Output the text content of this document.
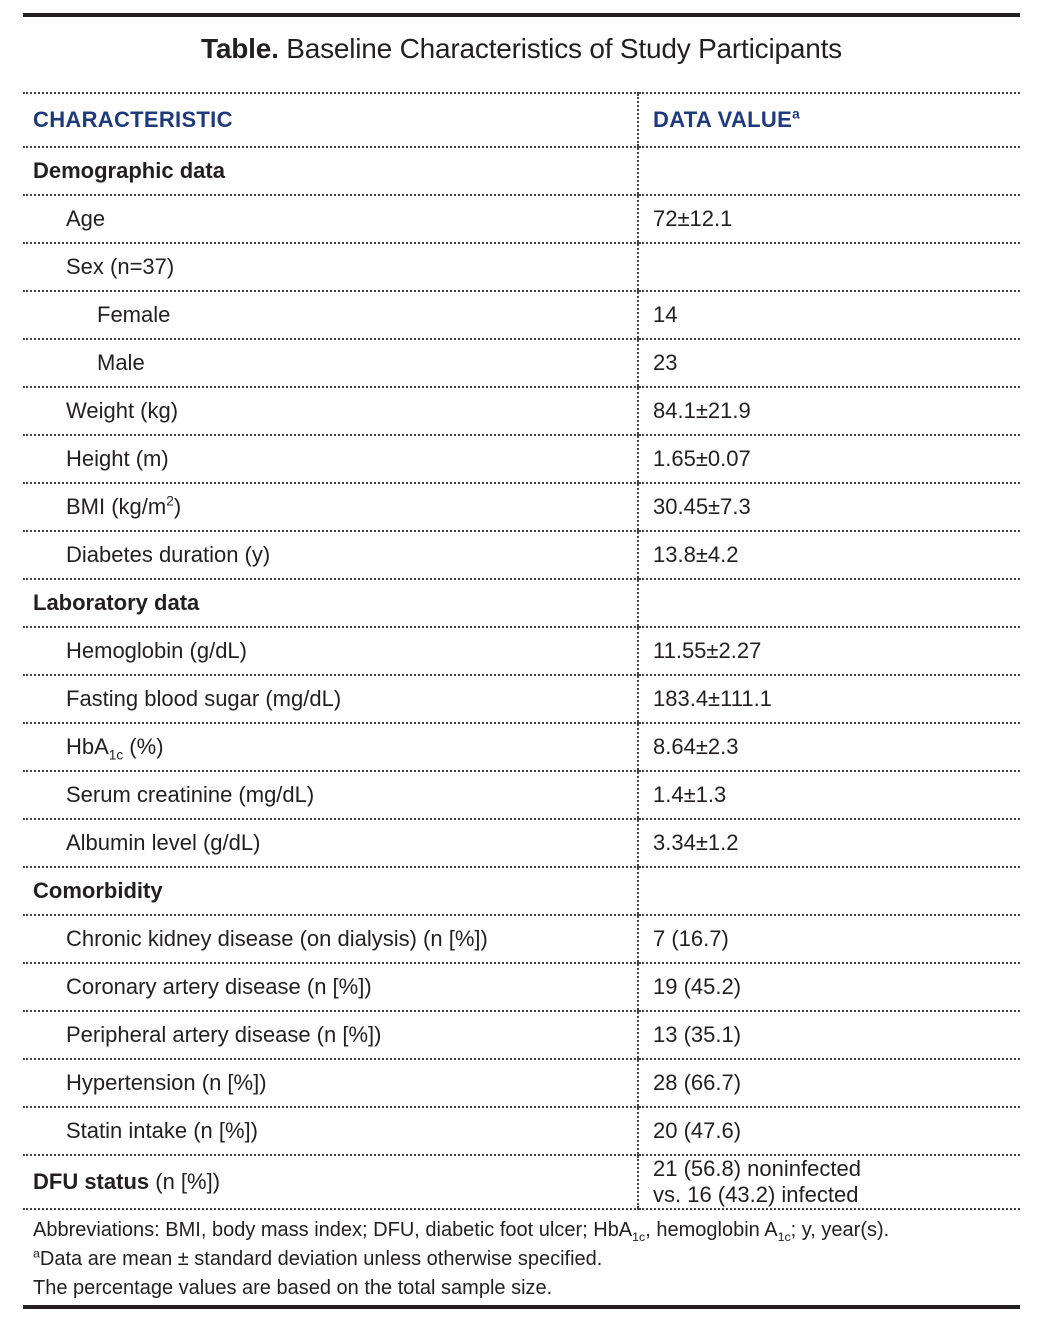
Table. Baseline Characteristics of Study Participants
CHARACTERISTIC	DATA VALUE$^a$

Demographic data	

Age	72±12.1

Sex (n=37)	

Female	14

Male	23

Weight (kg)	84.1±21.9

Height (m)	1.65±0.07

BMI $(kg/m^2)$	30.45±7.3

Diabetes duration (y)	13.8±4.2

Laboratory data	

Hemoglobin (g/dL)	11.55±2.27

Fasting blood sugar (mg/dL)	183.4±111.1

HbA$_{1c}$ (%)	8.64±2.3

Serum creatinine (mg/dL)	1.4±1.3

Albumin level (g/dL)	3.34±1.2

Comorbidity	

Chronic kidney disease (on dialysis) (n [%])	7 (16.7)

Coronary artery disease (n [%])	19 (45.2)

Peripheral artery disease (n [%])	13 (35.1)

Hypertension (n [%])	28 (66.7)

Statin intake (n [%])	20 (47.6)

DFU status (n [%])	21 (56.8) noninfected
vs. 16 (43.2) infected
Abbreviations: BMI, body mass index; DFU, diabetic foot ulcer; HbA$_{1c}$, hemoglobin $A_{1c}$; y, year(s).
$^a$Data are mean ± standard deviation unless otherwise specified.
The percentage values are based on the total sample size.
